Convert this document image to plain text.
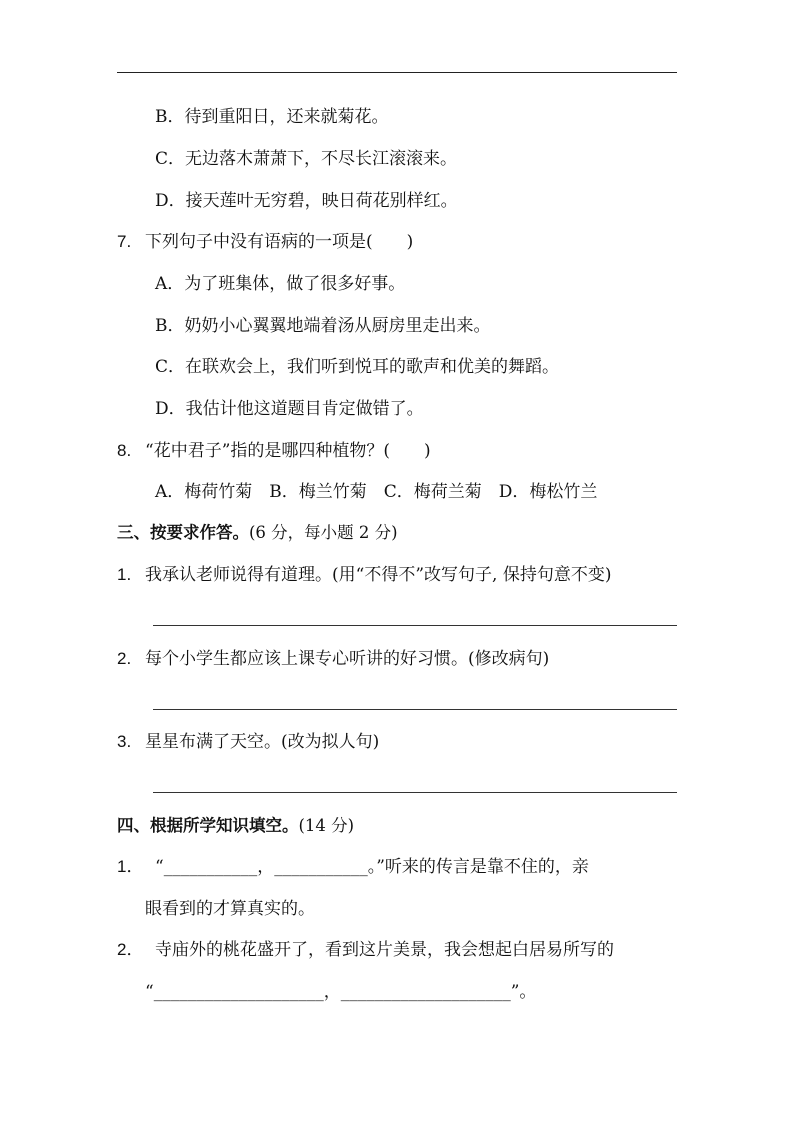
B．待到重阳日，还来就菊花。
C．无边落木萧萧下，不尽长江滚滚来。
D．接天莲叶无穷碧，映日荷花别样红。
7. 下列句子中没有语病的一项是(　　)
A．为了班集体，做了很多好事。
B．奶奶小心翼翼地端着汤从厨房里走出来。
C．在联欢会上，我们听到悦耳的歌声和优美的舞蹈。
D．我估计他这道题目肯定做错了。
8. “花中君子”指的是哪四种植物？(　　)
A．梅荷竹菊　B．梅兰竹菊　C．梅荷兰菊　D．梅松竹兰
三、按要求作答。(6 分，每小题 2 分)
1. 我承认老师说得有道理。(用“不得不”改写句子, 保持句意不变)
2. 每个小学生都应该上课专心听讲的好习惯。(修改病句)
3. 星星布满了天空。(改为拟人句)
四、根据所学知识填空。(14 分)
1． “___________，___________。”听来的传言是靠不住的，亲
眼看到的才算真实的。
2． 寺庙外的桃花盛开了，看到这片美景，我会想起白居易所写的
“____________________，____________________”。
